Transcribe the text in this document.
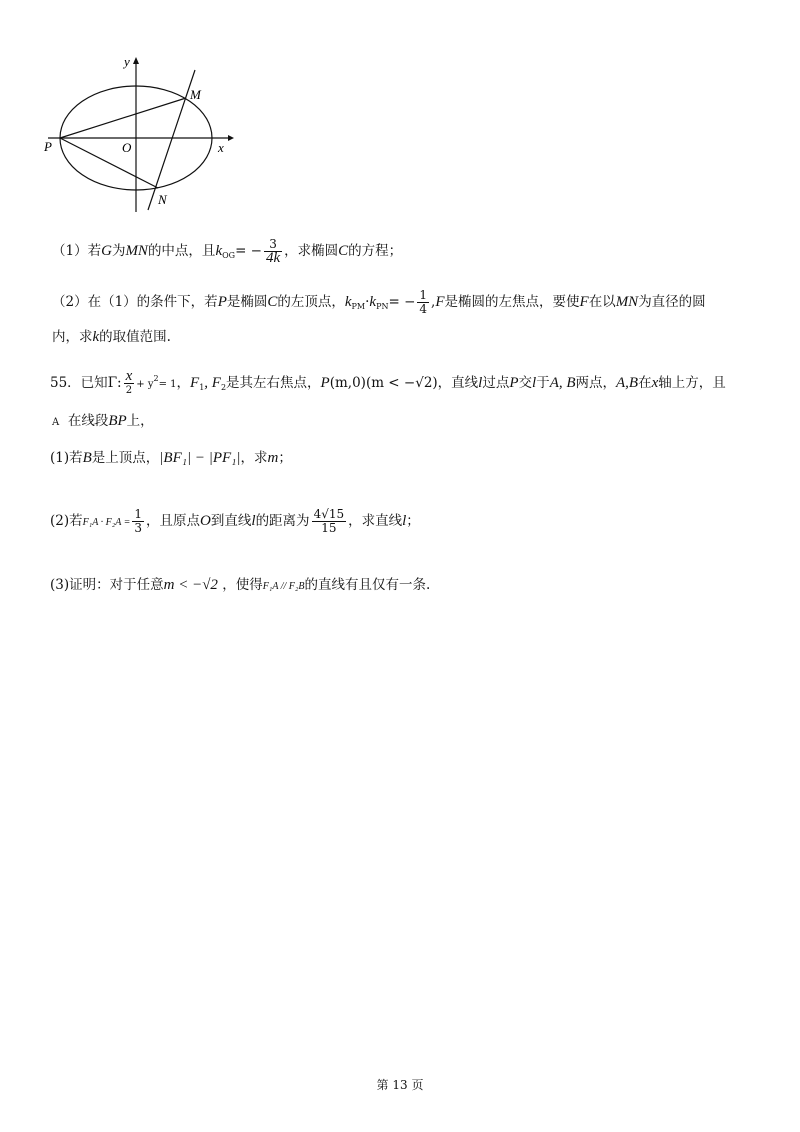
y
x
M
P	O
N
（1）若G为MN的中点，且$k_{OG}= - \frac{3}{4k}$ ，求椭圆C的方程；
（2）在（1）的条件下，若P是椭圆C的左顶点，$k_{PM}\cdot k_{PN}= - \frac{1}{4} ,F$是椭圆的左焦点，要使F在以MN为直径的圆
内，求k的取值范围.
55．已知Γ: $\frac{x}{2} + y^2= 1$，$F_1$, $F_2$是其左右焦点，P(m,0)(m < −√2)，直线l过点P交l于A, B两点，A,B在x轴上方，且
A 在线段BP上，
(1)若B是上顶点，|BF₁| − |PF₁|，求m；
(2)若$F_1A \cdot F_2A = \frac{1}{3}$ ，且原点O到直线l的距离为 $\frac{4√15}{15}$ ，求直线l；
(3)证明：对于任意m < −√2 ，使得F₁A // F₂B的直线有且仅有一条.
第 13 页
